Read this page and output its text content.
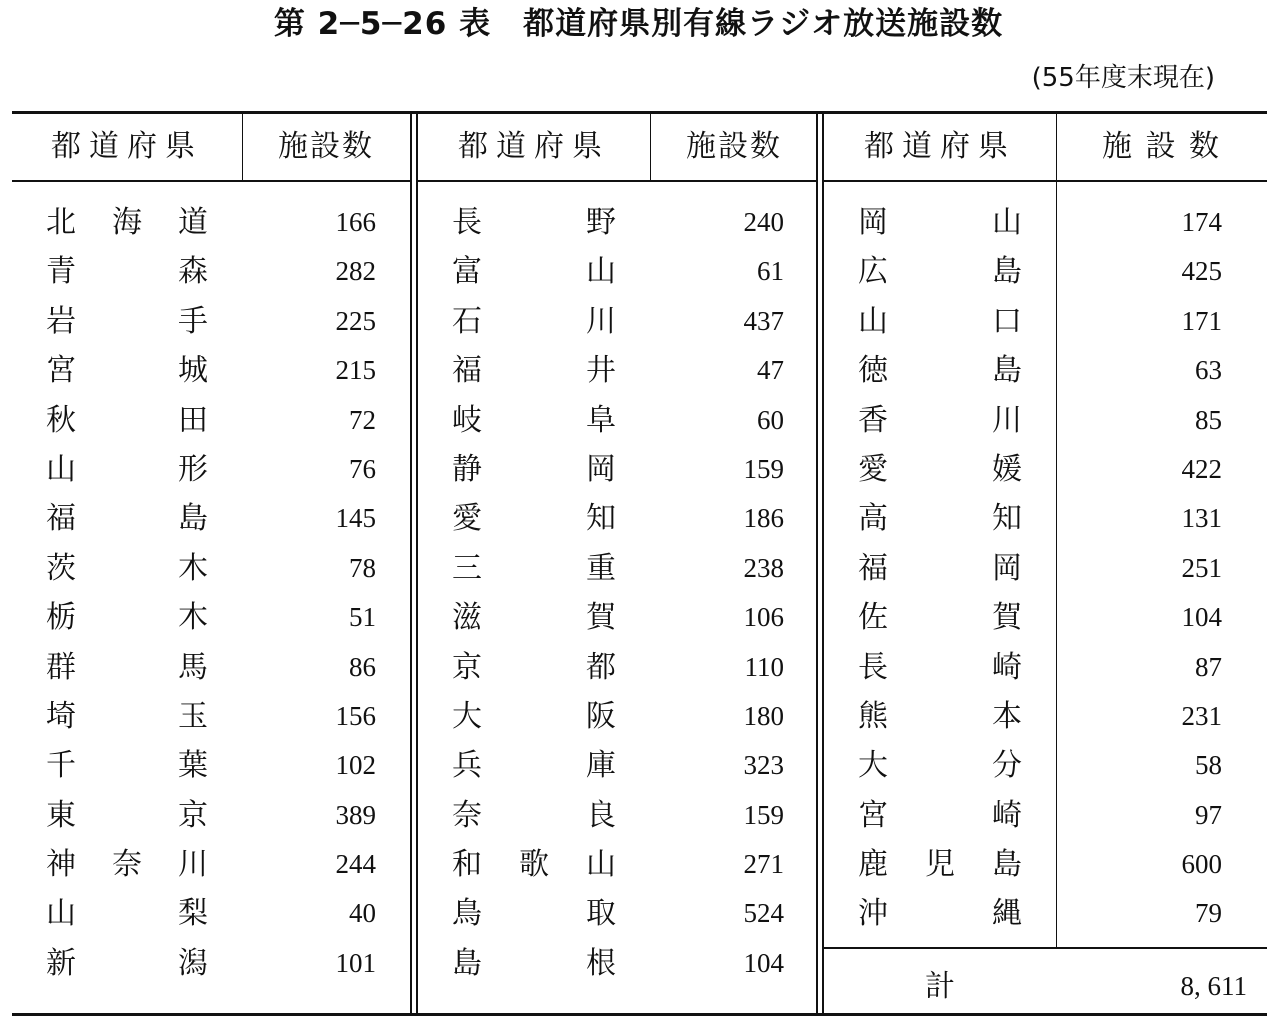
第 2─5─26 表　都道府県別有線ラジオ放送施設数
(55年度末現在)
都道府県	施設数
北 海 道	166
青	森	282
岩	手	225
宮	城	215
秋	田	72
山	形	76
福	島	145
茨	木	78
栃	木	51
群	馬	86
埼	玉	156
千	葉	102
東	京	389
神 奈 川	244
山	梨	40
新	潟	101
都道府県	施設数
長	野	240
富	山	61
石	川	437
福	井	47
岐	阜	60
静	岡	159
愛	知	186
三	重	238
滋	賀	106
京	都	110
大	阪	180
兵	庫	323
奈	良	159
和 歌 山	271
鳥	取	524
島	根	104
都道府県	施 設 数
岡	山	174
広	島	425
山	口	171
徳	島	63
香	川	85
愛	媛	422
高	知	131
福	岡	251
佐	賀	104
長	崎	87
熊	本	231
大	分	58
宮	崎	97
鹿 児 島	600
沖	縄	79
計	8, 611
